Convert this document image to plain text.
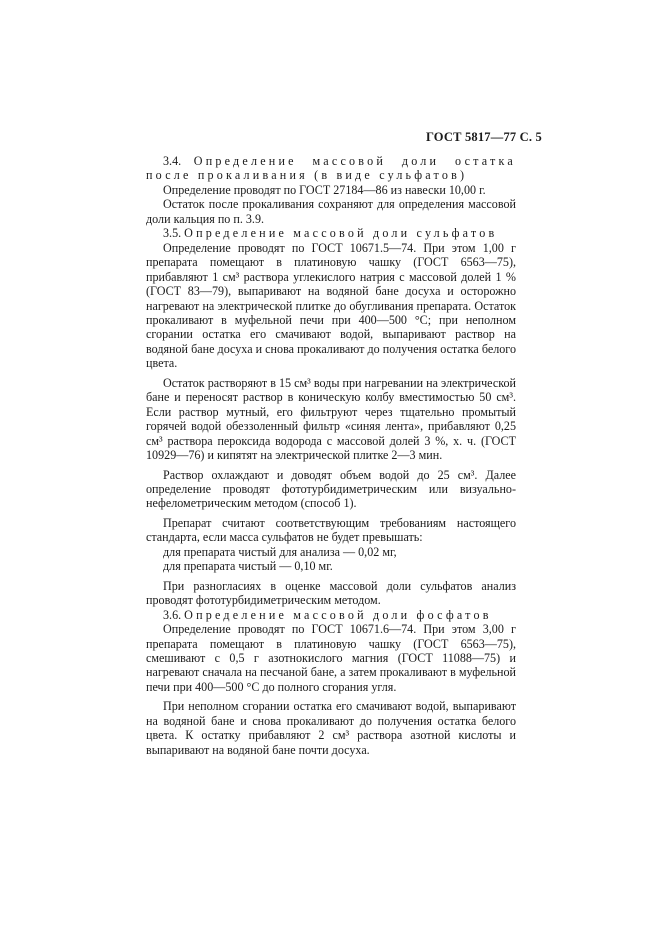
ГОСТ 5817—77 С. 5

3.4. Определение массовой доли остатка после прокаливания (в виде сульфатов)

Определение проводят по ГОСТ 27184—86 из навески 10,00 г.

Остаток после прокаливания сохраняют для определения массовой доли кальция по п. 3.9.

3.5. Определение массовой доли сульфатов

Определение проводят по ГОСТ 10671.5—74. При этом 1,00 г препарата помещают в платиновую чашку (ГОСТ 6563—75), прибавляют 1 см³ раствора углекислого натрия с массовой долей 1 % (ГОСТ 83—79), выпаривают на водяной бане досуха и осторожно нагревают на электрической плитке до обугливания препарата. Остаток прокаливают в муфельной печи при 400—500 °С; при неполном сгорании остатка его смачивают водой, выпаривают раствор на водяной бане досуха и снова прокаливают до получения остатка белого цвета.

Остаток растворяют в 15 см³ воды при нагревании на электрической бане и переносят раствор в коническую колбу вместимостью 50 см³. Если раствор мутный, его фильтруют через тщательно промытый горячей водой обеззоленный фильтр «синяя лента», прибавляют 0,25 см³ раствора пероксида водорода с массовой долей 3 %, х. ч. (ГОСТ 10929—76) и кипятят на электрической плитке 2—3 мин.

Раствор охлаждают и доводят объем водой до 25 см³. Далее определение проводят фототурбидиметрическим или визуально-нефелометрическим методом (способ 1).

Препарат считают соответствующим требованиям настоящего стандарта, если масса сульфатов не будет превышать:

для препарата чистый для анализа — 0,02 мг,

для препарата чистый — 0,10 мг.

При разногласиях в оценке массовой доли сульфатов анализ проводят фототурбидиметрическим методом.

3.6. Определение массовой доли фосфатов

Определение проводят по ГОСТ 10671.6—74. При этом 3,00 г препарата помещают в платиновую чашку (ГОСТ 6563—75), смешивают с 0,5 г азотнокислого магния (ГОСТ 11088—75) и нагревают сначала на песчаной бане, а затем прокаливают в муфельной печи при 400—500 °С до полного сгорания угля.

При неполном сгорании остатка его смачивают водой, выпаривают на водяной бане и снова прокаливают до получения остатка белого цвета. К остатку прибавляют 2 см³ раствора азотной кислоты и выпаривают на водяной бане почти досуха.
